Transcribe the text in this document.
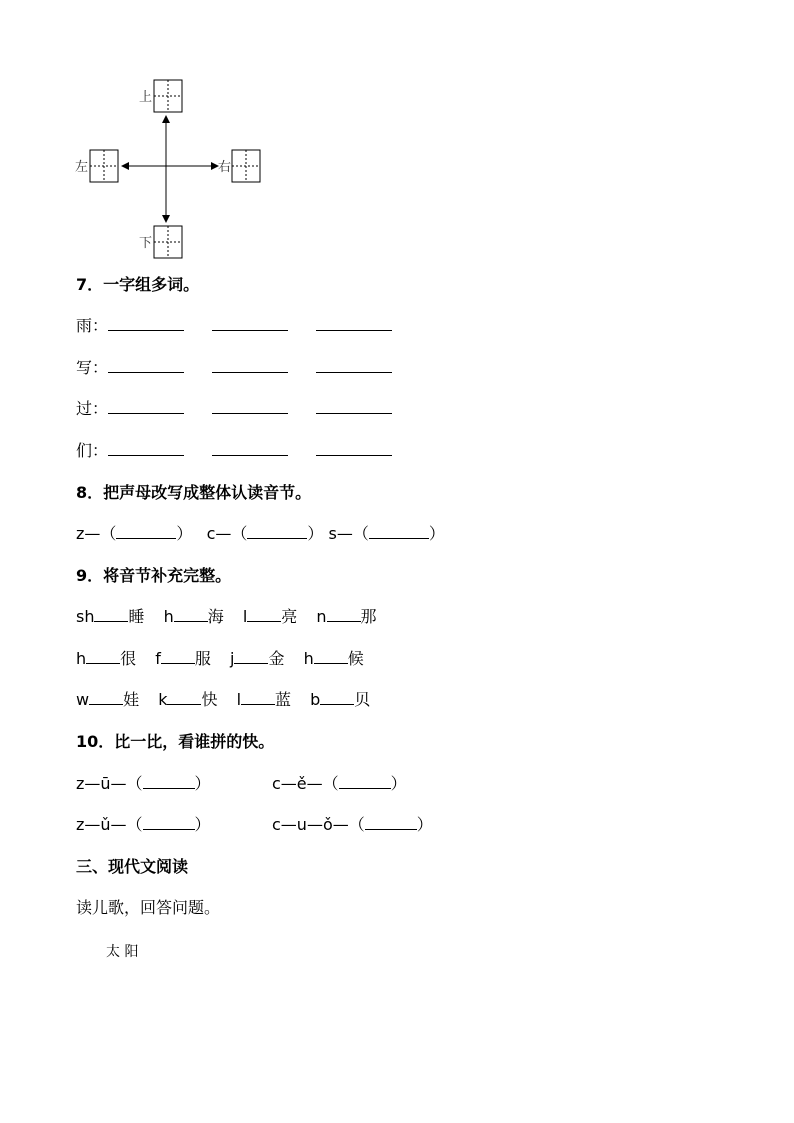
上
左	右
下
7．一字组多词。
雨：
写：
过：
们：
8．把声母改写成整体认读音节。
z—（	） c—（	） s—（	）
9．将音节补充完整。
sh 睡 h 海 l 亮 n 那
h 很 f 服 j 金 h 候
w 娃 k 快 l 蓝 b 贝
10．比一比，看谁拼的快。
z—ū—（	）	c—ě—（	）
z—ǔ—（	）	c—u—ǒ—（	）
三、现代文阅读
读儿歌，回答问题。
太 阳
